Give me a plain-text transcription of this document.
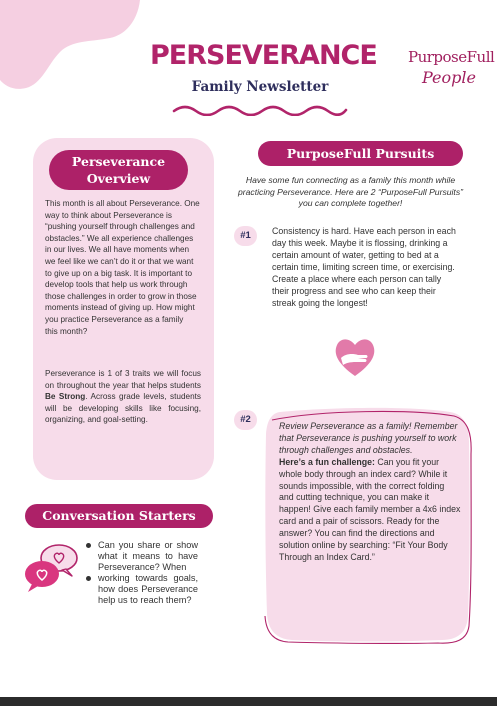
PERSEVERANCE
Family Newsletter
PurposeFull
People
Perseverance
Overview
This month is all about Perseverance. One way to think about Perseverance is “pushing yourself through challenges and obstacles.” We all experience challenges in our lives. We all have moments when we feel like we can’t do it or that we want to give up on a big task. It is important to develop tools that help us work through those challenges in order to grow in those moments instead of giving up. How might you practice Perseverance as a family            this month?
Perseverance is 1 of 3 traits we will focus on throughout the year that helps students Be Strong. Across grade levels, students will be developing skills like focusing, organizing, and goal-setting.
Conversation Starters
Can you share or show what it means to have Perseverance? When
working towards goals, how does Perseverance help us to reach them?
PurposeFull Pursuits
Have some fun connecting as a family this month while practicing Perseverance. Here are 2 “PurposeFull Pursuits” you can complete together!
#1	Consistency is hard. Have each person in each day this week. Maybe it is flossing, drinking a certain amount of water, getting to bed at a certain time, limiting screen time, or exercising. Create a place where each person can tally their progress and see who can keep their streak going the longest!
#2
Review Perseverance as a family! Remember that Perseverance is pushing yourself to work through challenges and obstacles.
Here’s a fun challenge: Can you fit your whole body through an index card? While it sounds impossible, with the correct folding and cutting technique, you can make it happen! Give each family member a 4x6 index card and a pair of scissors. Ready for the answer? You can find the directions and solution online by searching: “Fit Your Body Through an Index Card.”
